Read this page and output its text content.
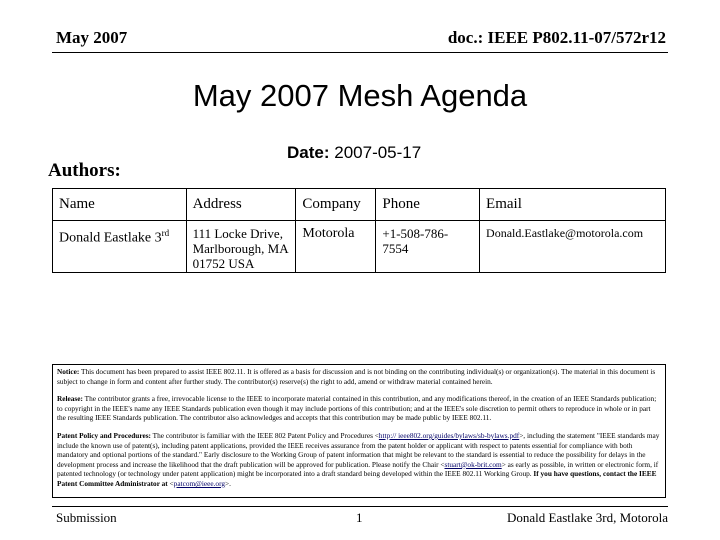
May 2007	doc.: IEEE P802.11-07/572r12
May 2007 Mesh Agenda
Date: 2007-05-17
Authors:
Name	Address	Company	Phone	Email
Donald Eastlake 3rd	111 Locke Drive, Marlborough, MA 01752 USA	Motorola	+1-508-786-7554	Donald.Eastlake@motorola.com

Notice: This document has been prepared to assist IEEE 802.11. It is offered as a basis for discussion and is not binding on the contributing individual(s) or organization(s). The material in this document is subject to change in form and content after further study. The contributor(s) reserve(s) the right to add, amend or withdraw material contained herein.

Release: The contributor grants a free, irrevocable license to the IEEE to incorporate material contained in this contribution, and any modifications thereof, in the creation of an IEEE Standards publication; to copyright in the IEEE's name any IEEE Standards publication even though it may include portions of this contribution; and at the IEEE's sole discretion to permit others to reproduce in whole or in part the resulting IEEE Standards publication. The contributor also acknowledges and accepts that this contribution may be made public by IEEE 802.11.

Patent Policy and Procedures: The contributor is familiar with the IEEE 802 Patent Policy and Procedures <http:// ieee802.org/guides/bylaws/sb-bylaws.pdf>, including the statement "IEEE standards may include the known use of patent(s), including patent applications, provided the IEEE receives assurance from the patent holder or applicant with respect to patents essential for compliance with both mandatory and optional portions of the standard." Early disclosure to the Working Group of patent information that might be relevant to the standard is essential to reduce the possibility for delays in the development process and increase the likelihood that the draft publication will be approved for publication. Please notify the Chair <stuart@ok-brit.com> as early as possible, in written or electronic form, if patented technology (or technology under patent application) might be incorporated into a draft standard being developed within the IEEE 802.11 Working Group. If you have questions, contact the IEEE Patent Committee Administrator at <patcom@ieee.org>.

Submission	1	Donald Eastlake 3rd, Motorola
